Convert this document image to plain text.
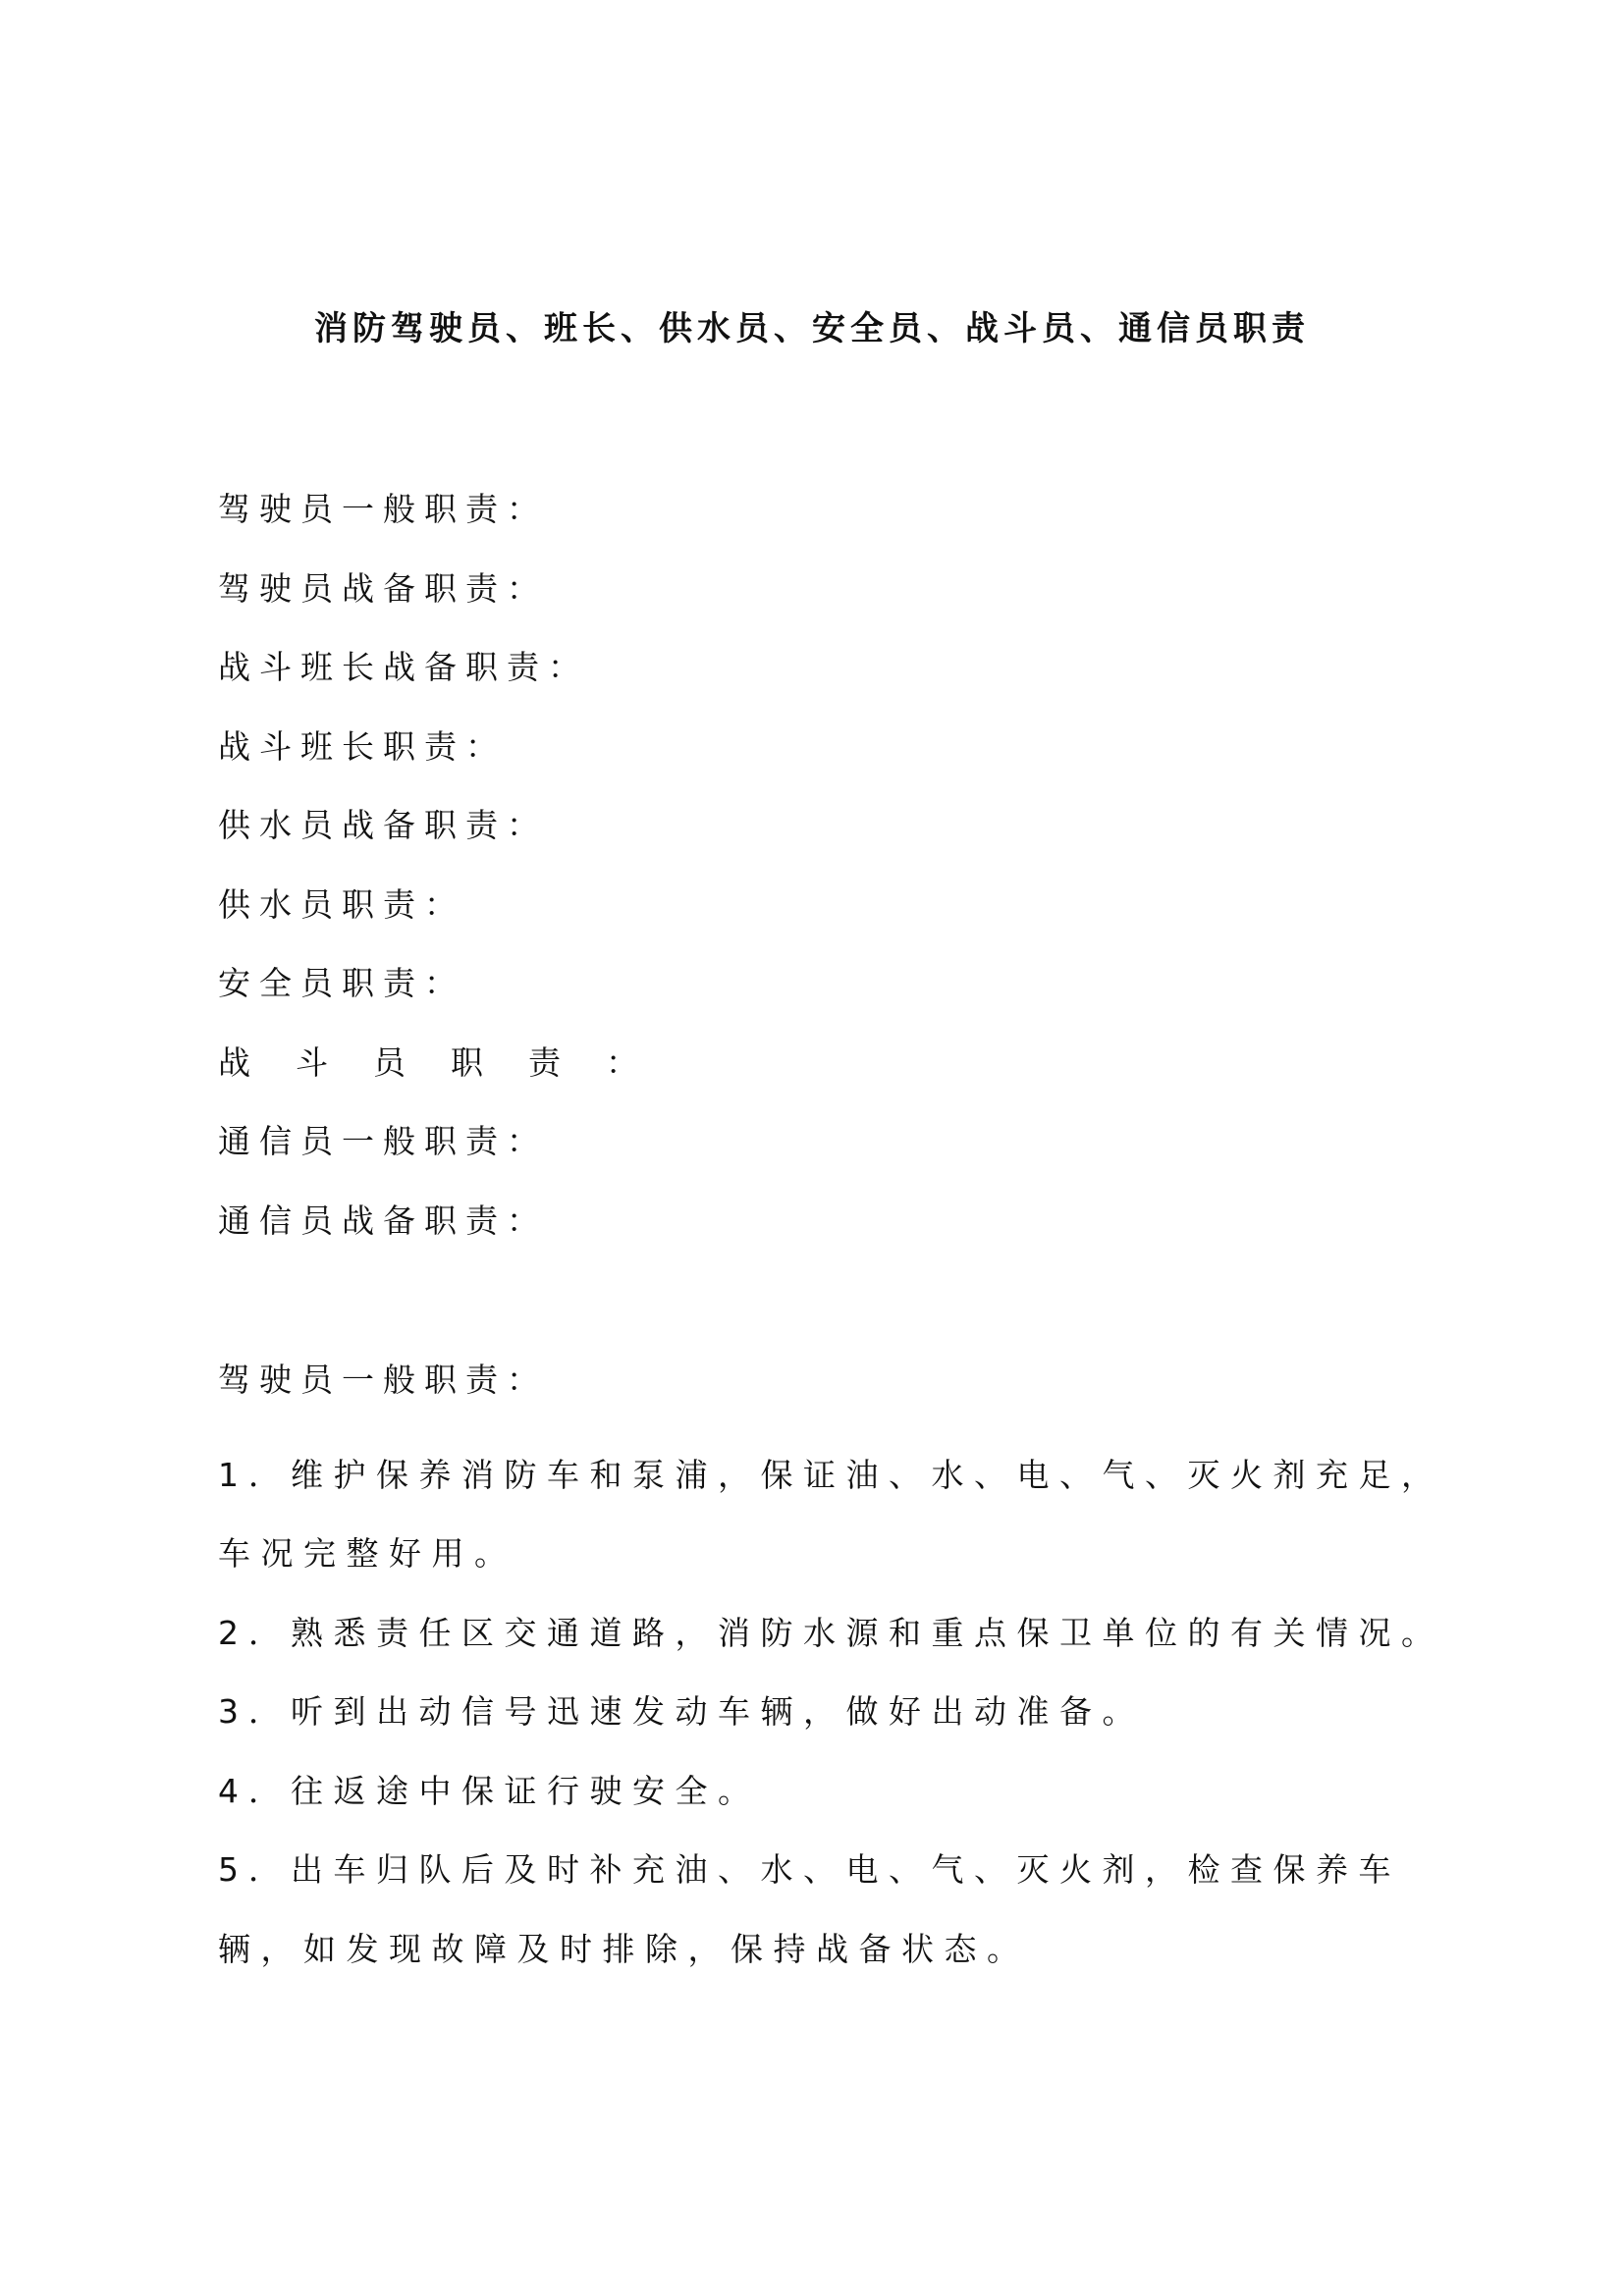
消防驾驶员、班长、供水员、安全员、战斗员、通信员职责
驾驶员一般职责：
驾驶员战备职责：
战斗班长战备职责：
战斗班长职责：
供水员战备职责：
供水员职责：
安全员职责：
战斗员职责：
通信员一般职责：
通信员战备职责：
驾驶员一般职责：
1．维护保养消防车和泵浦，保证油、水、电、气、灭火剂充足，车况完整好用。
2．熟悉责任区交通道路，消防水源和重点保卫单位的有关情况。
3．听到出动信号迅速发动车辆，做好出动准备。
4．往返途中保证行驶安全。
5．出车归队后及时补充油、水、电、气、灭火剂，检查保养车辆，如发现故障及时排除，保持战备状态。
